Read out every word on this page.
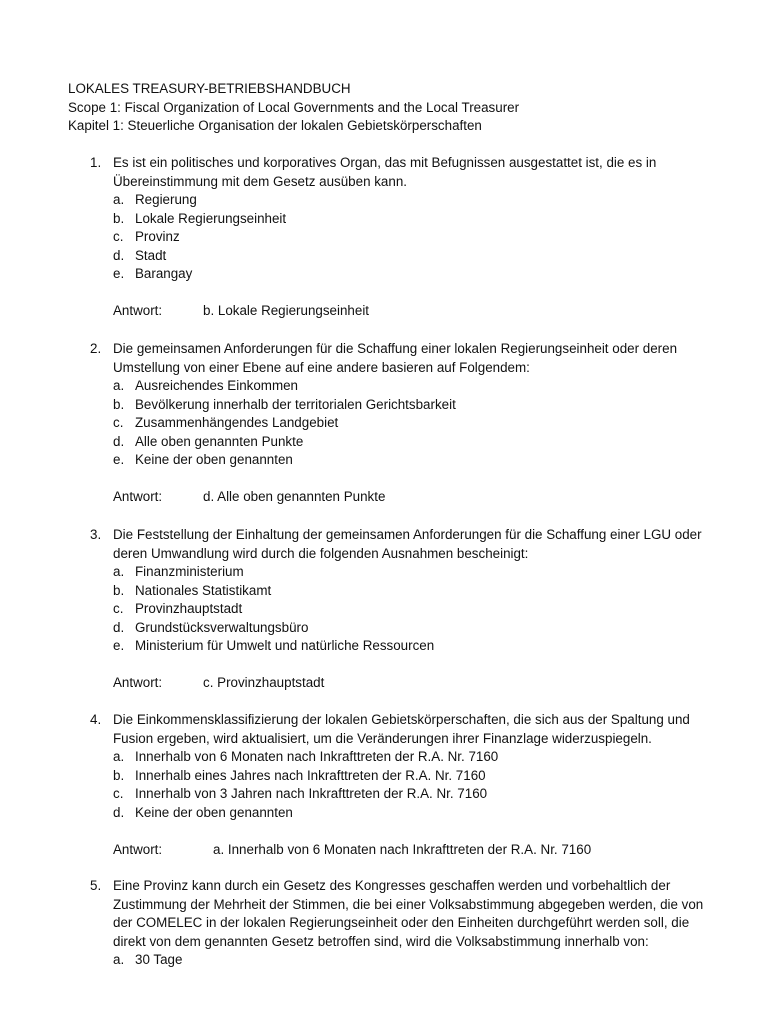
LOKALES TREASURY-BETRIEBSHANDBUCH
Scope 1: Fiscal Organization of Local Governments and the Local Treasurer
Kapitel 1: Steuerliche Organisation der lokalen Gebietskörperschaften
1. Es ist ein politisches und korporatives Organ, das mit Befugnissen ausgestattet ist, die es in Übereinstimmung mit dem Gesetz ausüben kann.
a. Regierung
b. Lokale Regierungseinheit
c. Provinz
d. Stadt
e. Barangay
Antwort:	b. Lokale Regierungseinheit
2. Die gemeinsamen Anforderungen für die Schaffung einer lokalen Regierungseinheit oder deren Umstellung von einer Ebene auf eine andere basieren auf Folgendem:
a. Ausreichendes Einkommen
b. Bevölkerung innerhalb der territorialen Gerichtsbarkeit
c. Zusammenhängendes Landgebiet
d. Alle oben genannten Punkte
e. Keine der oben genannten
Antwort:	d. Alle oben genannten Punkte
3. Die Feststellung der Einhaltung der gemeinsamen Anforderungen für die Schaffung einer LGU oder deren Umwandlung wird durch die folgenden Ausnahmen bescheinigt:
a. Finanzministerium
b. Nationales Statistikamt
c. Provinzhauptstadt
d. Grundstücksverwaltungsbüro
e. Ministerium für Umwelt und natürliche Ressourcen
Antwort:	c. Provinzhauptstadt
4. Die Einkommensklassifizierung der lokalen Gebietskörperschaften, die sich aus der Spaltung und Fusion ergeben, wird aktualisiert, um die Veränderungen ihrer Finanzlage widerzuspiegeln.
a. Innerhalb von 6 Monaten nach Inkrafttreten der R.A. Nr. 7160
b. Innerhalb eines Jahres nach Inkrafttreten der R.A. Nr. 7160
c. Innerhalb von 3 Jahren nach Inkrafttreten der R.A. Nr. 7160
d. Keine der oben genannten
Antwort:	a. Innerhalb von 6 Monaten nach Inkrafttreten der R.A. Nr. 7160
5. Eine Provinz kann durch ein Gesetz des Kongresses geschaffen werden und vorbehaltlich der Zustimmung der Mehrheit der Stimmen, die bei einer Volksabstimmung abgegeben werden, die von der COMELEC in der lokalen Regierungseinheit oder den Einheiten durchgeführt werden soll, die direkt von dem genannten Gesetz betroffen sind, wird die Volksabstimmung innerhalb von:
a. 30 Tage
